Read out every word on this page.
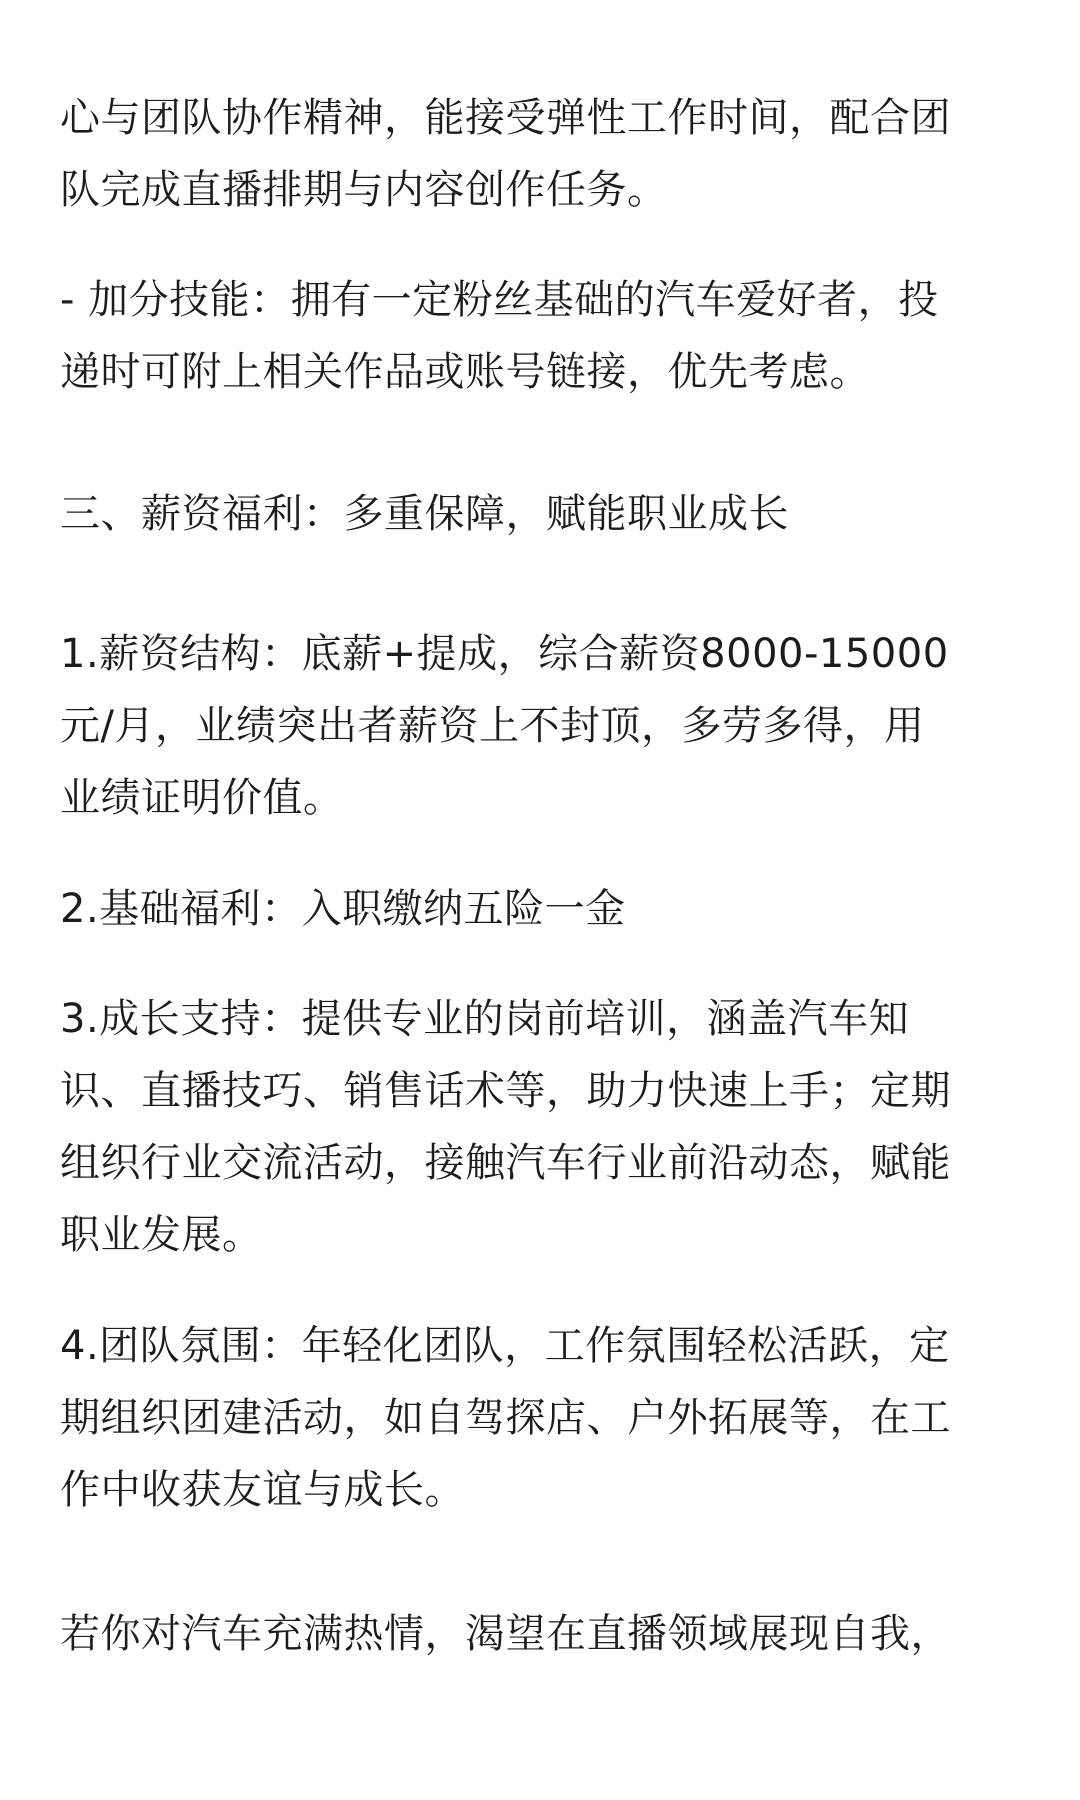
心与团队协作精神，能接受弹性工作时间，配合团

队完成直播排期与内容创作任务。

- 加分技能：拥有一定粉丝基础的汽车爱好者，投

递时可附上相关作品或账号链接，优先考虑。

三、薪资福利：多重保障，赋能职业成长

1.薪资结构：底薪+提成，综合薪资8000-15000

元/月，业绩突出者薪资上不封顶，多劳多得，用

业绩证明价值。

2.基础福利：入职缴纳五险一金

3.成长支持：提供专业的岗前培训，涵盖汽车知

识、直播技巧、销售话术等，助力快速上手；定期

组织行业交流活动，接触汽车行业前沿动态，赋能

职业发展。

4.团队氛围：年轻化团队，工作氛围轻松活跃，定

期组织团建活动，如自驾探店、户外拓展等，在工

作中收获友谊与成长。

若你对汽车充满热情，渴望在直播领域展现自我，
